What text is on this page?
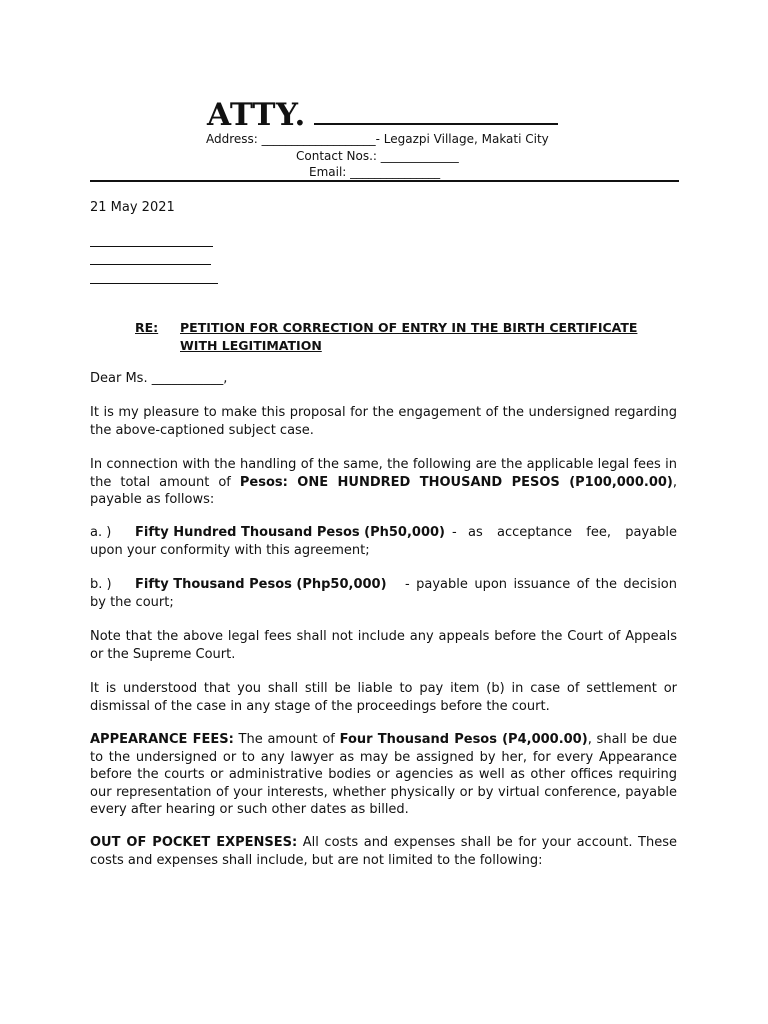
ATTY.
Address: ___________________- Legazpi Village, Makati City
Contact Nos.: _____________
Email: _______________
21 May 2021
RE: PETITION FOR CORRECTION OF ENTRY IN THE BIRTH CERTIFICATE
WITH LEGITIMATION
Dear Ms. ___________,
It is my pleasure to make this proposal for the engagement of the undersigned regarding the above-captioned subject case.
In connection with the handling of the same, the following are the applicable legal fees in the total amount of Pesos: ONE HUNDRED THOUSAND PESOS (P100,000.00), payable as follows:
a. ) Fifty Hundred Thousand Pesos (Ph50,000) - as acceptance fee, payable upon your conformity with this agreement;
b. ) Fifty Thousand Pesos (Php50,000)	- payable upon issuance of the decision by the court;
Note that the above legal fees shall not include any appeals before the Court of Appeals or the Supreme Court.
It is understood that you shall still be liable to pay item (b) in case of settlement or dismissal of the case in any stage of the proceedings before the court.
APPEARANCE FEES: The amount of Four Thousand Pesos (P4,000.00), shall be due to the undersigned or to any lawyer as may be assigned by her, for every Appearance before the courts or administrative bodies or agencies as well as other offices requiring our representation of your interests, whether physically or by virtual conference, payable every after hearing or such other dates as billed.
OUT OF POCKET EXPENSES: All costs and expenses shall be for your account. These costs and expenses shall include, but are not limited to the following:
